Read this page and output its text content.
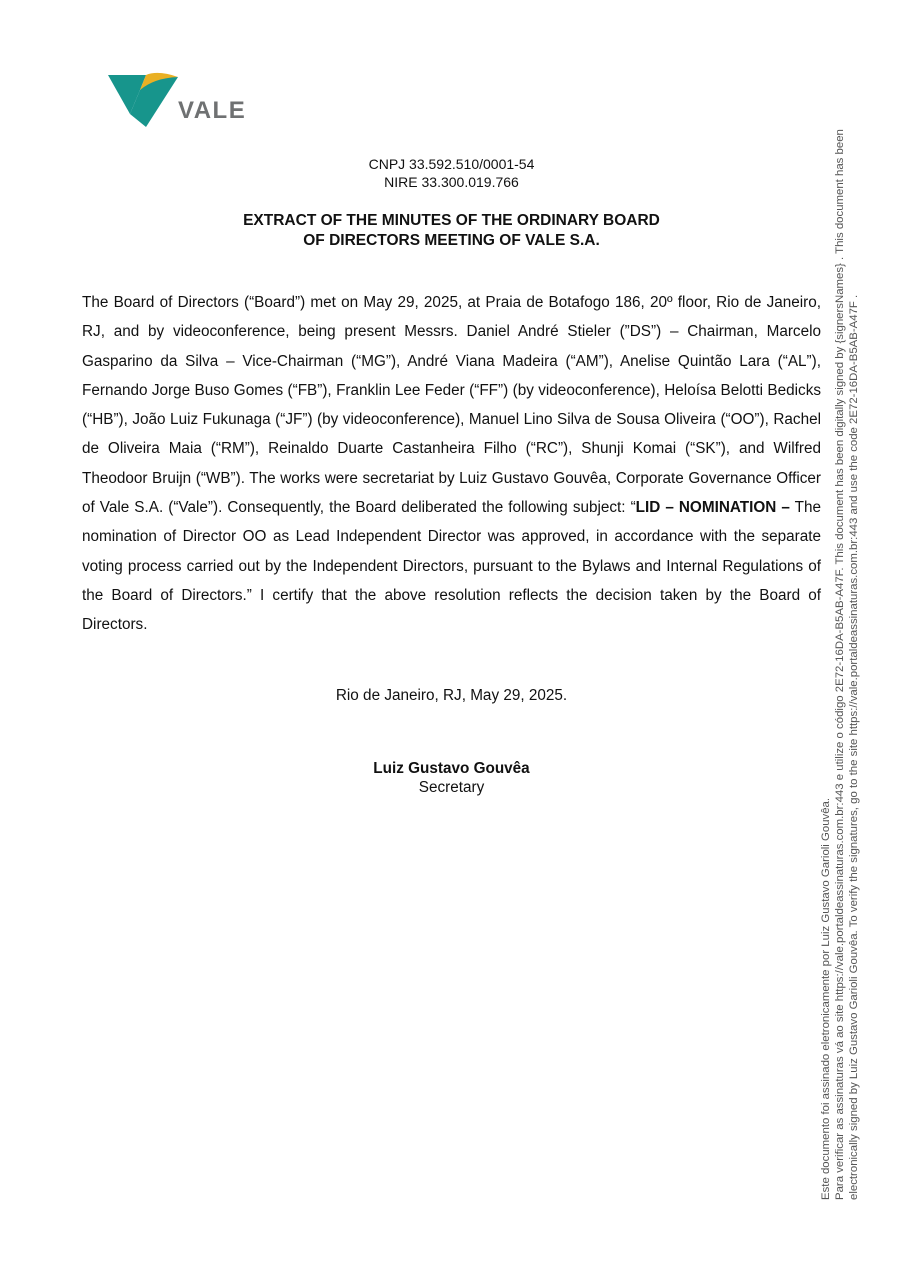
VALE
CNPJ 33.592.510/0001-54
NIRE 33.300.019.766
EXTRACT OF THE MINUTES OF THE ORDINARY BOARD
OF DIRECTORS MEETING OF VALE S.A.
The Board of Directors (“Board”) met on May 29, 2025, at Praia de Botafogo 186, 20º floor, Rio de Janeiro, RJ, and by videoconference, being present Messrs. Daniel André Stieler (”DS”) – Chairman, Marcelo Gasparino da Silva – Vice-Chairman (“MG”), André Viana Madeira (“AM”), Anelise Quintão Lara (“AL”), Fernando Jorge Buso Gomes (“FB”), Franklin Lee Feder (“FF”) (by videoconference), Heloísa Belotti Bedicks (“HB”), João Luiz Fukunaga (“JF”) (by videoconference), Manuel Lino Silva de Sousa Oliveira (“OO”), Rachel de Oliveira Maia (“RM”), Reinaldo Duarte Castanheira Filho (“RC”), Shunji Komai (“SK”), and Wilfred Theodoor Bruijn (“WB”). The works were secretariat by Luiz Gustavo Gouvêa, Corporate Governance Officer of Vale S.A. (“Vale”). Consequently, the Board deliberated the following subject: “LID – NOMINATION – The nomination of Director OO as Lead Independent Director was approved, in accordance with the separate voting process carried out by the Independent Directors, pursuant to the Bylaws and Internal Regulations of the Board of Directors.” I certify that the above resolution reflects the decision taken by the Board of Directors.
Rio de Janeiro, RJ, May 29, 2025.
Luiz Gustavo Gouvêa
Secretary
Este documento foi assinado eletronicamente por Luiz Gustavo Garioli Gouvêa. Para verificar as assinaturas vá ao site https://vale.portaldeassinaturas.com.br:443 e utilize o código 2E72-16DA-B5AB-A47F. This document has been digitally signed by {signersNames} . This document has been electronically signed by Luiz Gustavo Garioli Gouvêa. To verify the signatures, go to the site https://vale.portaldeassinaturas.com.br:443 and use the code 2E72-16DA-B5AB-A47F .
